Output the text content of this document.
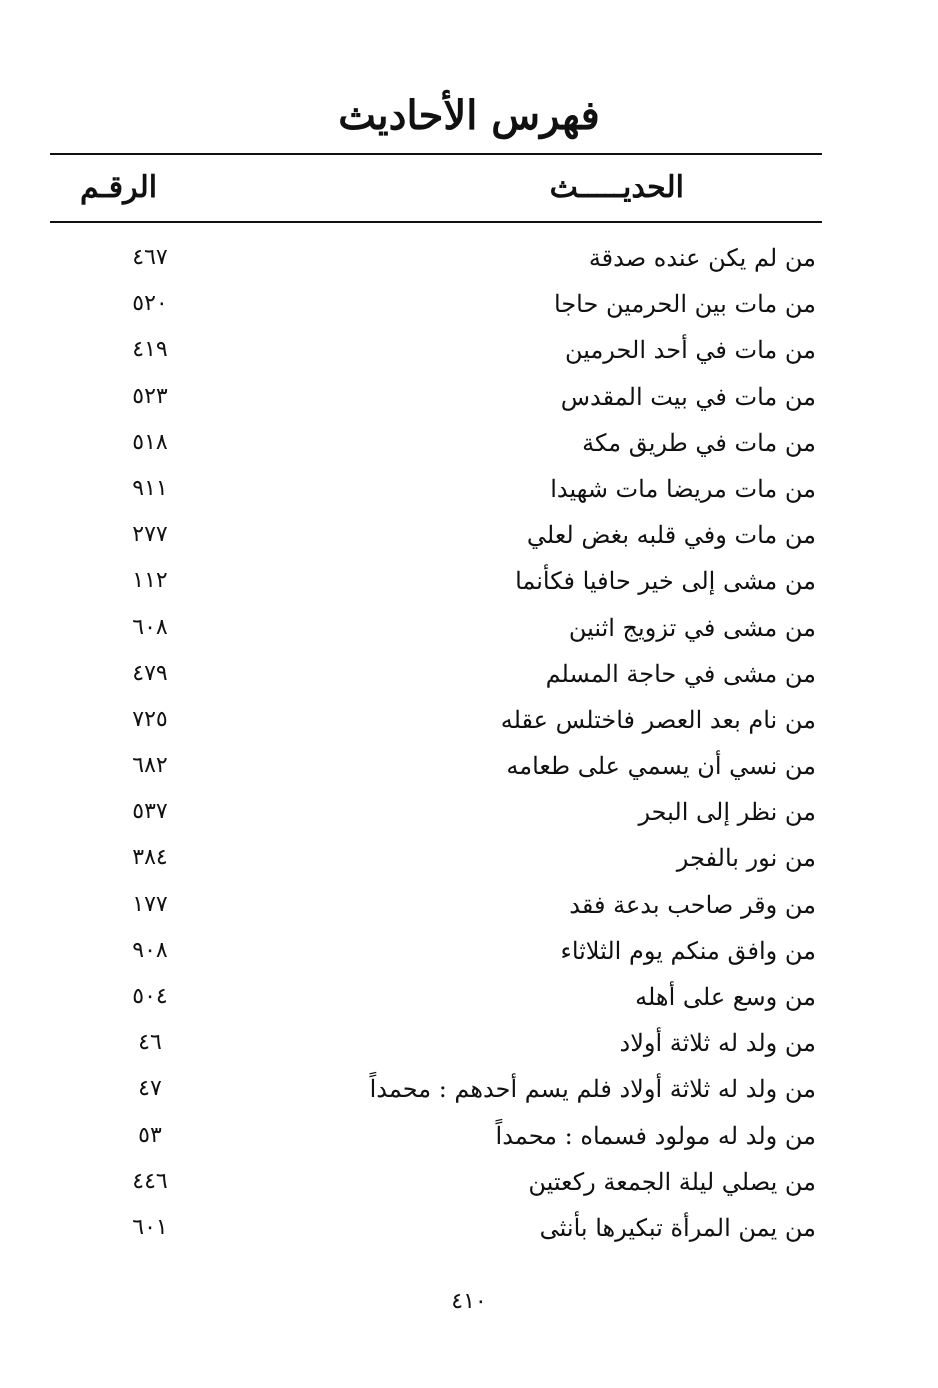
فهرس الأحاديث
الحديـــــث
الرقـم
من لم يكن عنده صدقة
٤٦٧
من مات بين الحرمين حاجا
٥٢٠
من مات في أحد الحرمين
٤١٩
من مات في بيت المقدس
٥٢٣
من مات في طريق مكة
٥١٨
من مات مريضا مات شهيدا
٩١١
من مات وفي قلبه بغض لعلي
٢٧٧
من مشى إلى خير حافيا فكأنما
١١٢
من مشى في تزويج اثنين
٦٠٨
من مشى في حاجة المسلم
٤٧٩
من نام بعد العصر فاختلس عقله
٧٢٥
من نسي أن يسمي على طعامه
٦٨٢
من نظر إلى البحر
٥٣٧
من نور بالفجر
٣٨٤
من وقر صاحب بدعة فقد
١٧٧
من وافق منكم يوم الثلاثاء
٩٠٨
من وسع على أهله
٥٠٤
من ولد له ثلاثة أولاد
٤٦
من ولد له ثلاثة أولاد فلم يسم أحدهم : محمداً
٤٧
من ولد له مولود فسماه : محمداً
٥٣
من يصلي ليلة الجمعة ركعتين
٤٤٦
من يمن المرأة تبكيرها بأنثى
٦٠١
٤١٠
